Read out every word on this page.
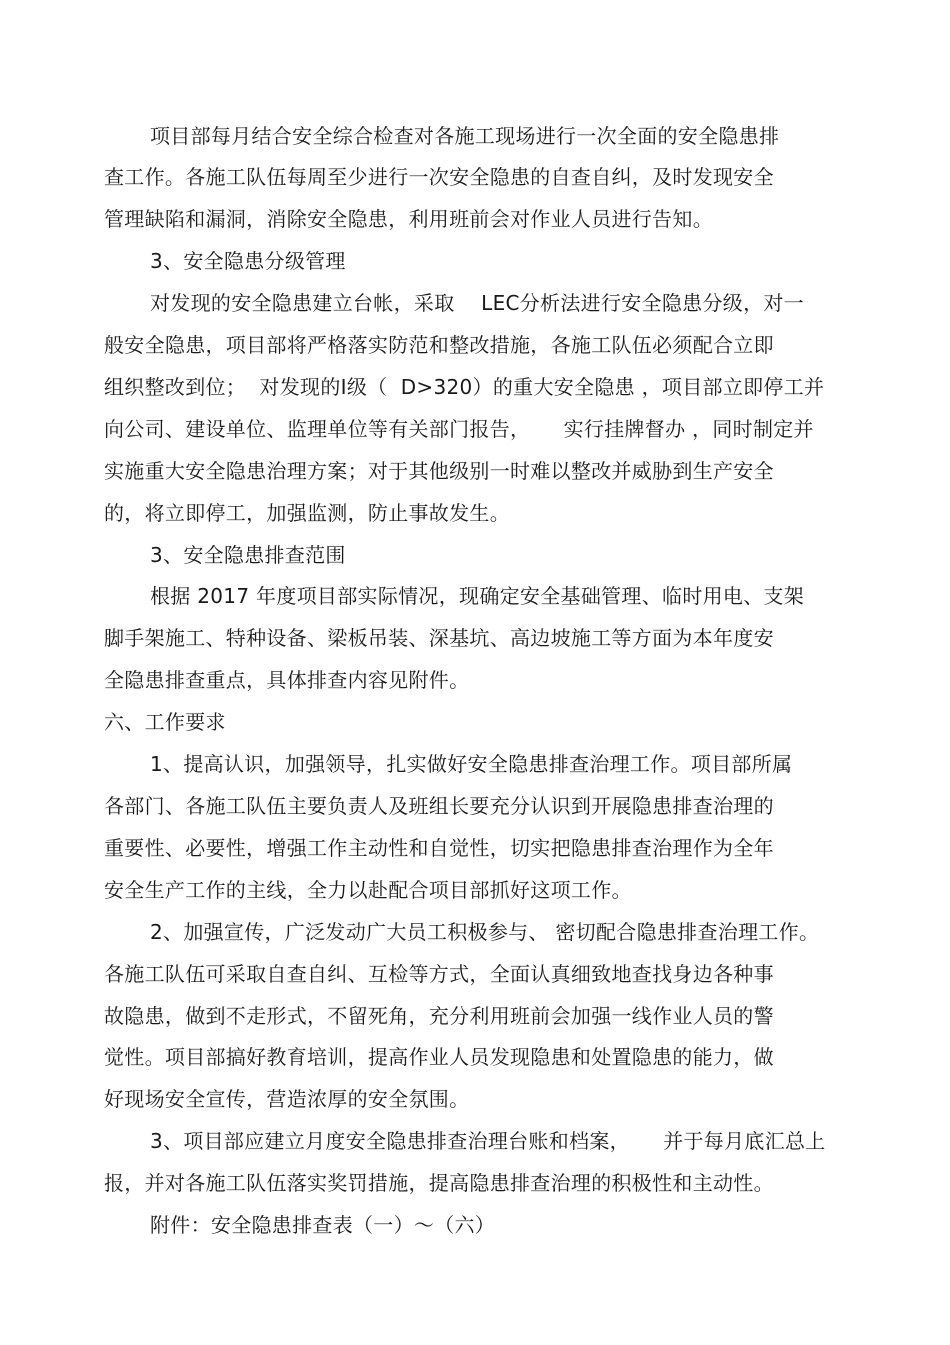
项目部每月结合安全综合检查对各施工现场进行一次全面的安全隐患排
查工作。各施工队伍每周至少进行一次安全隐患的自查自纠，及时发现安全
管理缺陷和漏洞，消除安全隐患，利用班前会对作业人员进行告知。
3、安全隐患分级管理
对发现的安全隐患建立台帐，采取    LEC分析法进行安全隐患分级，对一
般安全隐患，项目部将严格落实防范和整改措施，各施工队伍必须配合立即
组织整改到位；  对发现的Ⅰ级（  D>320）的重大安全隐患 ，项目部立即停工并
向公司、建设单位、监理单位等有关部门报告，     实行挂牌督办 ，同时制定并
实施重大安全隐患治理方案；对于其他级别一时难以整改并威胁到生产安全
的，将立即停工，加强监测，防止事故发生。
3、安全隐患排查范围
根据 2017 年度项目部实际情况，现确定安全基础管理、临时用电、支架
脚手架施工、特种设备、梁板吊装、深基坑、高边坡施工等方面为本年度安
全隐患排查重点，具体排查内容见附件。
六、工作要求
1、提高认识，加强领导，扎实做好安全隐患排查治理工作。项目部所属
各部门、各施工队伍主要负责人及班组长要充分认识到开展隐患排查治理的
重要性、必要性，增强工作主动性和自觉性，切实把隐患排查治理作为全年
安全生产工作的主线，全力以赴配合项目部抓好这项工作。
2、加强宣传，广泛发动广大员工积极参与、 密切配合隐患排查治理工作。
各施工队伍可采取自查自纠、互检等方式，全面认真细致地查找身边各种事
故隐患，做到不走形式，不留死角，充分利用班前会加强一线作业人员的警
觉性。项目部搞好教育培训，提高作业人员发现隐患和处置隐患的能力，做
好现场安全宣传，营造浓厚的安全氛围。
3、项目部应建立月度安全隐患排查治理台账和档案，     并于每月底汇总上
报，并对各施工队伍落实奖罚措施，提高隐患排查治理的积极性和主动性。
附件：安全隐患排查表（一）～（六）
